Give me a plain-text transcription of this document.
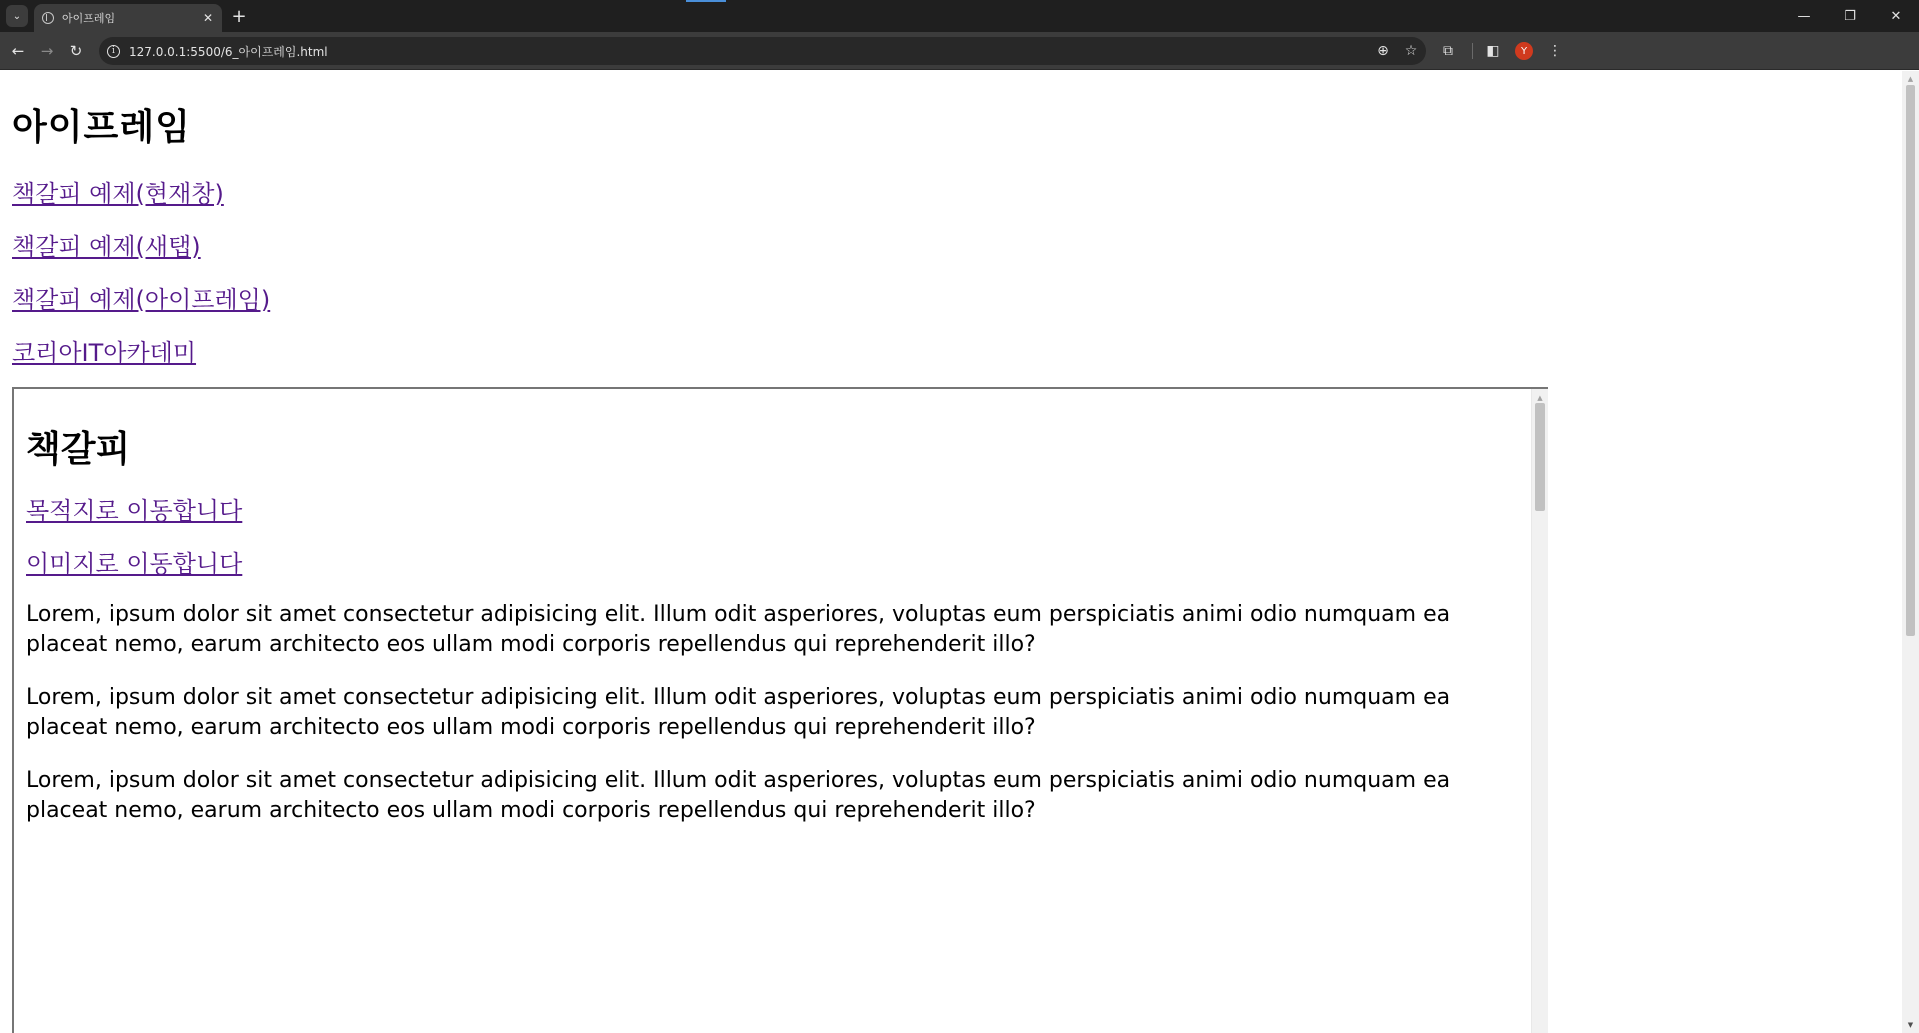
⌄	아이프레임	✕ +	—	❐	✕
← → ↻	i	127.0.0.1:5500/6_아이프레임.html	⊕	☆	⧉	◧	Y	⋮
아이프레임
책갈피 예제(현재창)
책갈피 예제(새탭)
책갈피 예제(아이프레임)
코리아IT아카데미
책갈피
목적지로 이동합니다
이미지로 이동합니다

Lorem, ipsum dolor sit amet consectetur adipisicing elit. Illum odit asperiores, voluptas eum perspiciatis animi odio numquam ea placeat nemo, earum architecto eos ullam modi corporis repellendus qui reprehenderit illo?

Lorem, ipsum dolor sit amet consectetur adipisicing elit. Illum odit asperiores, voluptas eum perspiciatis animi odio numquam ea placeat nemo, earum architecto eos ullam modi corporis repellendus qui reprehenderit illo?

Lorem, ipsum dolor sit amet consectetur adipisicing elit. Illum odit asperiores, voluptas eum perspiciatis animi odio numquam ea placeat nemo, earum architecto eos ullam modi corporis repellendus qui reprehenderit illo?

▲
▲
▼
